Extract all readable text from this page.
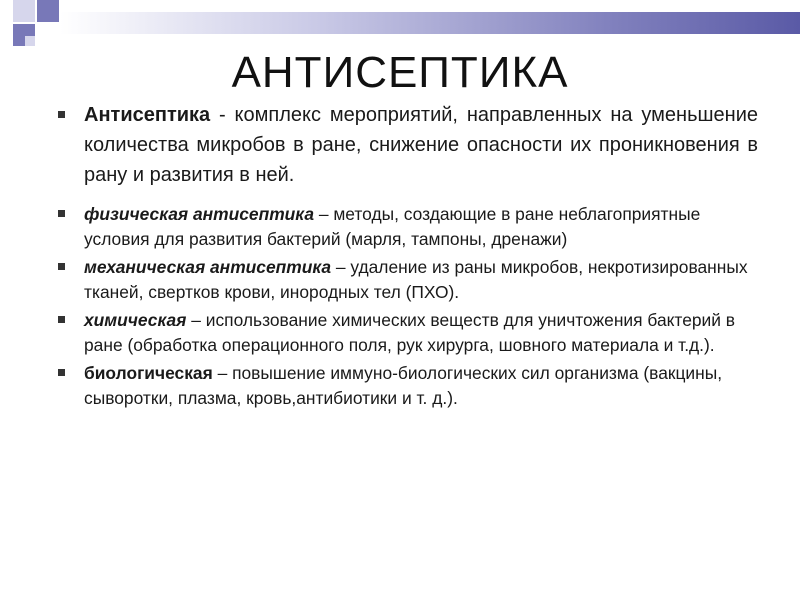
АНТИСЕПТИКА
Антисептика - комплекс мероприятий, направленных на уменьшение количества микробов в ране, снижение опасности их проникновения в рану и развития в ней.
физическая антисептика – методы, создающие в ране неблагоприятные условия для развития бактерий (марля, тампоны, дренажи)
механическая антисептика – удаление из раны микробов, некротизированных тканей, свертков крови, инородных тел (ПХО).
химическая – использование химических веществ для уничтожения бактерий в ране (обработка операционного поля, рук хирурга, шовного материала и т.д.).
биологическая – повышение иммуно-биологических сил организма (вакцины, сыворотки, плазма, кровь,антибиотики и т. д.).
